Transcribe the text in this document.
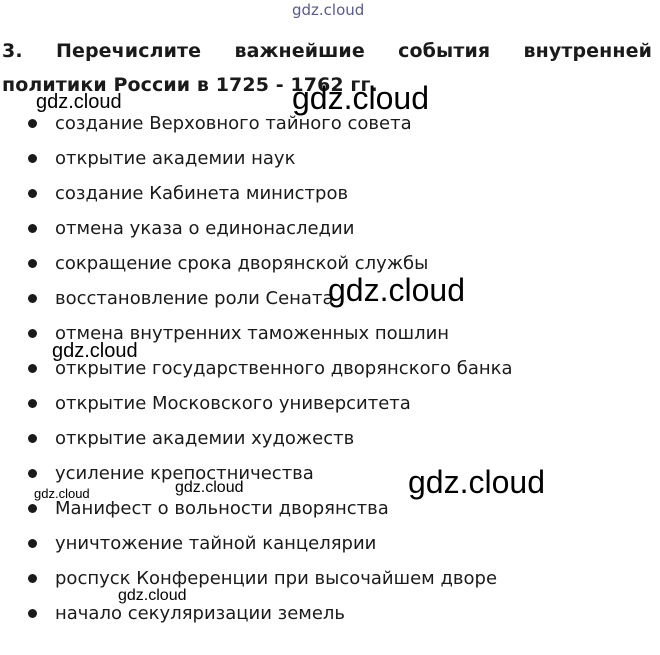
gdz.cloud
3. Перечислите важнейшие события внутренней политики России в 1725 - 1762 гг.
создание Верховного тайного совета
открытие академии наук
создание Кабинета министров
отмена указа о единонаследии
сокращение срока дворянской службы
восстановление роли Сената
отмена внутренних таможенных пошлин
открытие государственного дворянского банка
открытие Московского университета
открытие академии художеств
усиление крепостничества
Манифест о вольности дворянства
уничтожение тайной канцелярии
роспуск Конференции при высочайшем дворе
начало секуляризации земель
gdz.cloud	gdz.cloud
gdz.cloud
gdz.cloud
gdz.cloud
gdz.cloud	gdz.cloud
gdz.cloud
